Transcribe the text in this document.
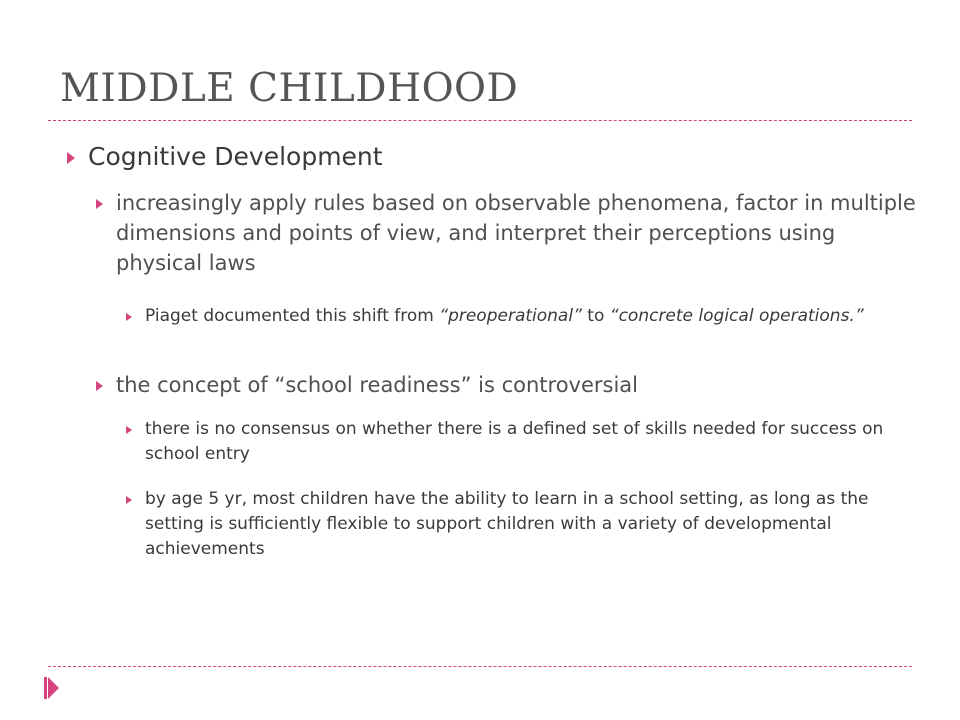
MIDDLE CHILDHOOD
Cognitive Development
increasingly apply rules based on observable phenomena, factor in multiple dimensions and points of view, and interpret their perceptions using physical laws
Piaget documented this shift from “preoperational” to “concrete logical operations.”
the concept of “school readiness” is controversial
there is no consensus on whether there is a defined set of skills needed for success on school entry
by age 5 yr, most children have the ability to learn in a school setting, as long as the setting is sufficiently flexible to support children with a variety of developmental achievements
